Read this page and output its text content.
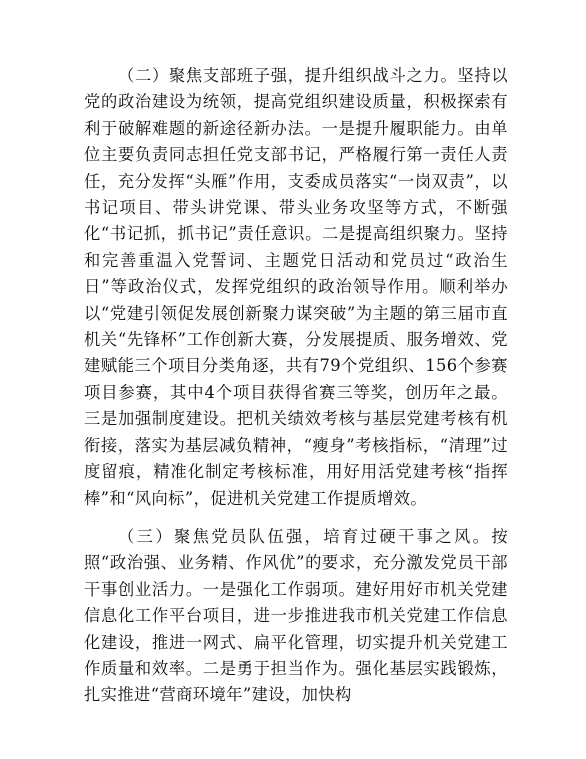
（二）聚焦支部班子强，提升组织战斗之力。坚持以党的政治建设为统领，提高党组织建设质量，积极探索有利于破解难题的新途径新办法。一是提升履职能力。由单位主要负责同志担任党支部书记，严格履行第一责任人责任，充分发挥“头雁”作用，支委成员落实“一岗双责”，以书记项目、带头讲党课、带头业务攻坚等方式，不断强化“书记抓，抓书记”责任意识。二是提高组织聚力。坚持和完善重温入党誓词、主题党日活动和党员过“政治生日”等政治仪式，发挥党组织的政治领导作用。顺利举办以“党建引领促发展创新聚力谋突破”为主题的第三届市直机关“先锋杯”工作创新大赛，分发展提质、服务增效、党建赋能三个项目分类角逐，共有79个党组织、156个参赛项目参赛，其中4个项目获得省赛三等奖，创历年之最。三是加强制度建设。把机关绩效考核与基层党建考核有机衔接，落实为基层减负精神，“瘦身”考核指标，“清理”过度留痕，精准化制定考核标准，用好用活党建考核“指挥棒”和“风向标”，促进机关党建工作提质增效。

（三）聚焦党员队伍强，培育过硬干事之风。按照“政治强、业务精、作风优”的要求，充分激发党员干部干事创业活力。一是强化工作弱项。建好用好市机关党建信息化工作平台项目，进一步推进我市机关党建工作信息化建设，推进一网式、扁平化管理，切实提升机关党建工作质量和效率。二是勇于担当作为。强化基层实践锻炼，扎实推进“营商环境年”建设，加快构
